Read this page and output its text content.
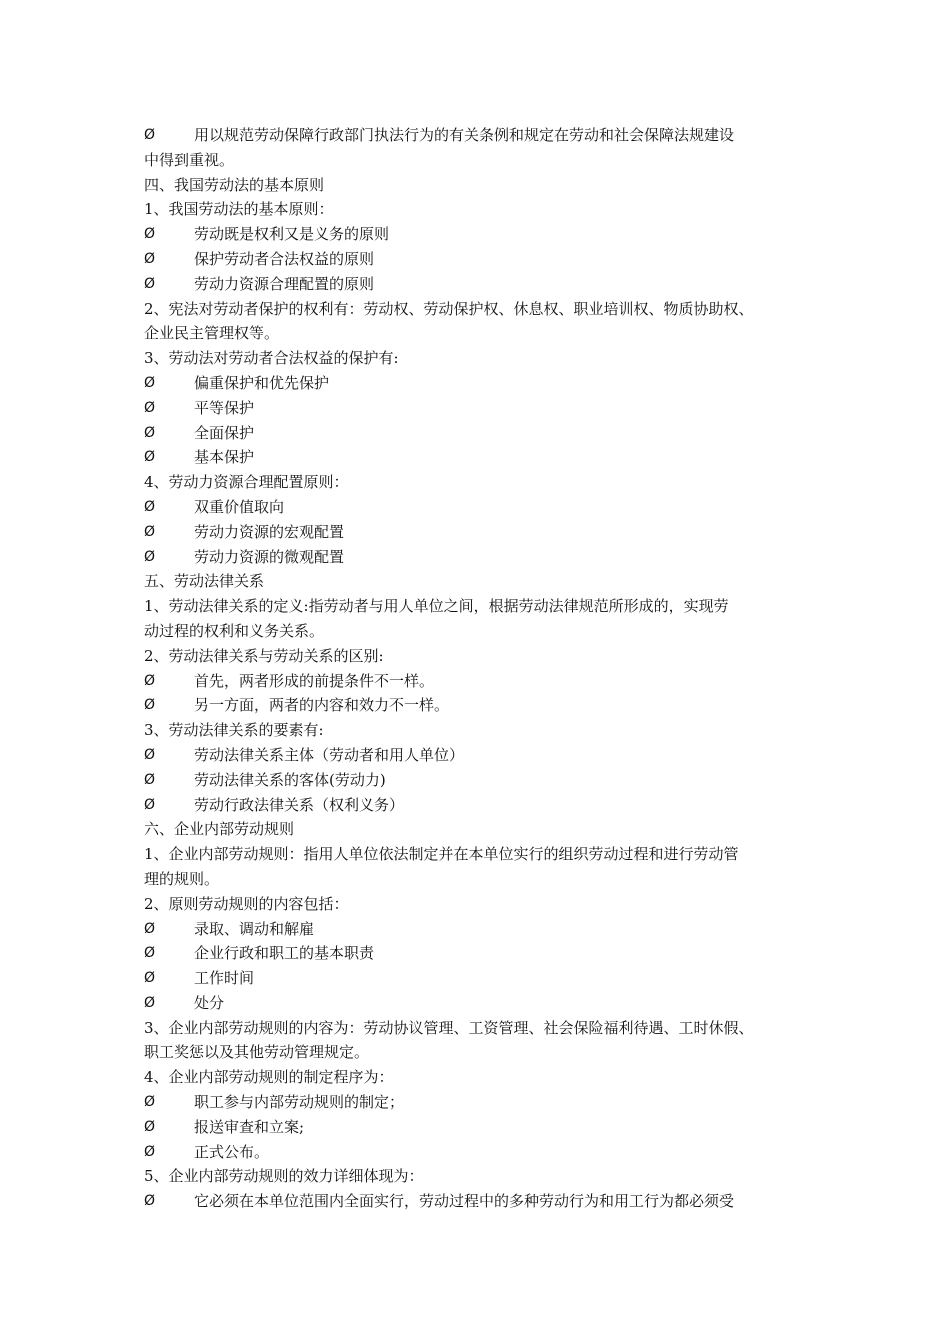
Ø	用以规范劳动保障行政部门执法行为的有关条例和规定在劳动和社会保障法规建设
中得到重视。
四、我国劳动法的基本原则
1、我国劳动法的基本原则：
Ø	劳动既是权利又是义务的原则
Ø	保护劳动者合法权益的原则
Ø	劳动力资源合理配置的原则
2、宪法对劳动者保护的权利有：劳动权、劳动保护权、休息权、职业培训权、物质协助权、
企业民主管理权等。
3、劳动法对劳动者合法权益的保护有:
Ø	偏重保护和优先保护
Ø	平等保护
Ø	全面保护
Ø	基本保护
4、劳动力资源合理配置原则：
Ø	双重价值取向
Ø	劳动力资源的宏观配置
Ø	劳动力资源的微观配置
五、劳动法律关系
1、劳动法律关系的定义:指劳动者与用人单位之间，根据劳动法律规范所形成的，实现劳
动过程的权利和义务关系。
2、劳动法律关系与劳动关系的区别:
Ø	首先，两者形成的前提条件不一样。
Ø	另一方面，两者的内容和效力不一样。
3、劳动法律关系的要素有:
Ø	劳动法律关系主体（劳动者和用人单位）
Ø	劳动法律关系的客体(劳动力)
Ø	劳动行政法律关系（权利义务）
六、企业内部劳动规则
1、企业内部劳动规则：指用人单位依法制定并在本单位实行的组织劳动过程和进行劳动管
理的规则。
2、原则劳动规则的内容包括：
Ø	录取、调动和解雇
Ø	企业行政和职工的基本职责
Ø	工作时间
Ø	处分
3、企业内部劳动规则的内容为：劳动协议管理、工资管理、社会保险福利待遇、工时休假、
职工奖惩以及其他劳动管理规定。
4、企业内部劳动规则的制定程序为：
Ø	职工参与内部劳动规则的制定；
Ø	报送审查和立案;
Ø	正式公布。
5、企业内部劳动规则的效力详细体现为：
Ø	它必须在本单位范围内全面实行，劳动过程中的多种劳动行为和用工行为都必须受
